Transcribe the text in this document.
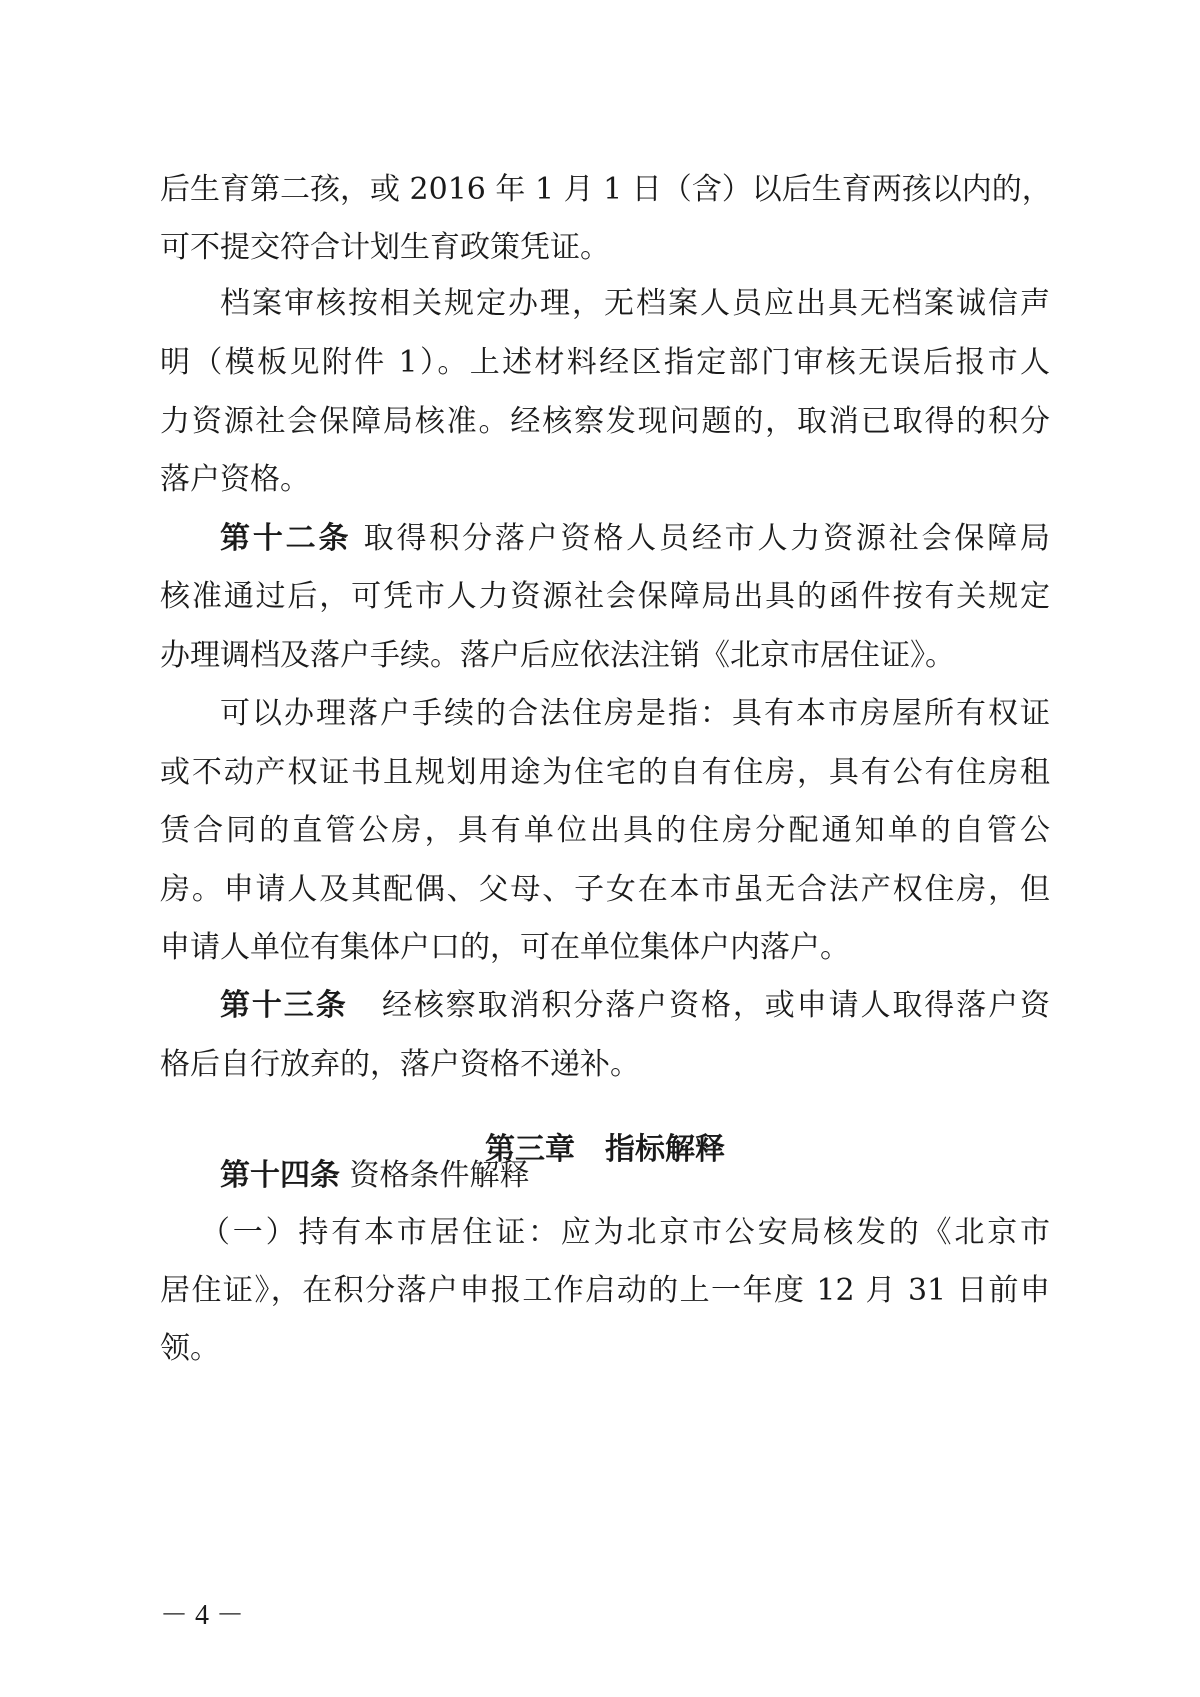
后生育第二孩，或 2016 年 1 月 1 日（含）以后生育两孩以内的，

可不提交符合计划生育政策凭证。

档案审核按相关规定办理，无档案人员应出具无档案诚信声

明（模板见附件 1）。上述材料经区指定部门审核无误后报市人

力资源社会保障局核准。经核察发现问题的，取消已取得的积分

落户资格。

第十二条 取得积分落户资格人员经市人力资源社会保障局

核准通过后，可凭市人力资源社会保障局出具的函件按有关规定

办理调档及落户手续。落户后应依法注销《北京市居住证》。

可以办理落户手续的合法住房是指：具有本市房屋所有权证

或不动产权证书且规划用途为住宅的自有住房，具有公有住房租

赁合同的直管公房，具有单位出具的住房分配通知单的自管公

房。申请人及其配偶、父母、子女在本市虽无合法产权住房，但

申请人单位有集体户口的，可在单位集体户内落户。

第十三条 经核察取消积分落户资格，或申请人取得落户资

格后自行放弃的，落户资格不递补。

第三章　指标解释

第十四条 资格条件解释

（一）持有本市居住证：应为北京市公安局核发的《北京市

居住证》，在积分落户申报工作启动的上一年度 12 月 31 日前申

领。

－ 4 －
